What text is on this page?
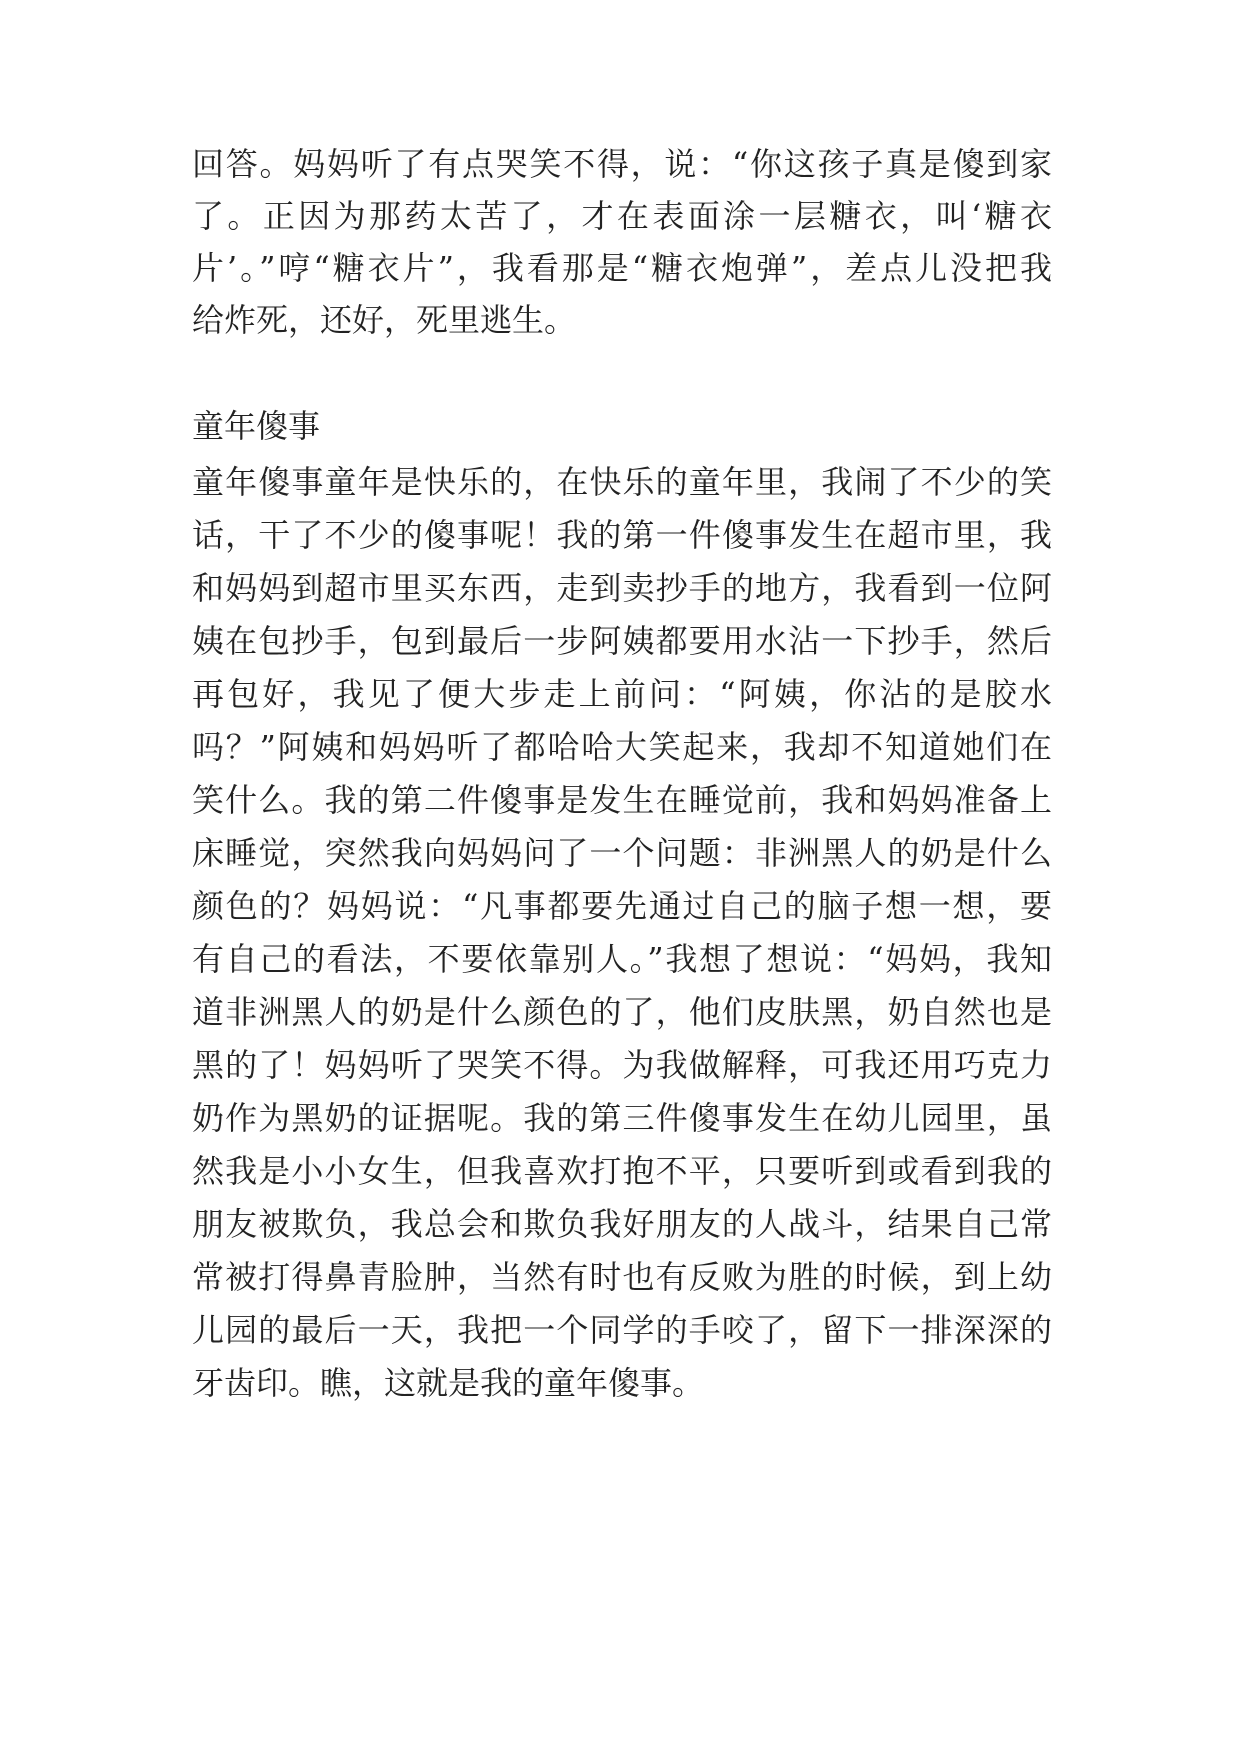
回答。妈妈听了有点哭笑不得，说：“你这孩子真是傻到家
了。正因为那药太苦了，才在表面涂一层糖衣，叫‘糖衣
片’。”哼“糖衣片”，我看那是“糖衣炮弹”，差点儿没把我
给炸死，还好，死里逃生。
童年傻事
童年傻事童年是快乐的，在快乐的童年里，我闹了不少的笑
话，干了不少的傻事呢！我的第一件傻事发生在超市里，我
和妈妈到超市里买东西，走到卖抄手的地方，我看到一位阿
姨在包抄手，包到最后一步阿姨都要用水沾一下抄手，然后
再包好，我见了便大步走上前问：“阿姨，你沾的是胶水
吗？”阿姨和妈妈听了都哈哈大笑起来，我却不知道她们在
笑什么。我的第二件傻事是发生在睡觉前，我和妈妈准备上
床睡觉，突然我向妈妈问了一个问题：非洲黑人的奶是什么
颜色的？妈妈说：“凡事都要先通过自己的脑子想一想，要
有自己的看法，不要依靠别人。”我想了想说：“妈妈，我知
道非洲黑人的奶是什么颜色的了，他们皮肤黑，奶自然也是
黑的了！妈妈听了哭笑不得。为我做解释，可我还用巧克力
奶作为黑奶的证据呢。我的第三件傻事发生在幼儿园里，虽
然我是小小女生，但我喜欢打抱不平，只要听到或看到我的
朋友被欺负，我总会和欺负我好朋友的人战斗，结果自己常
常被打得鼻青脸肿，当然有时也有反败为胜的时候，到上幼
儿园的最后一天，我把一个同学的手咬了，留下一排深深的
牙齿印。瞧，这就是我的童年傻事。
